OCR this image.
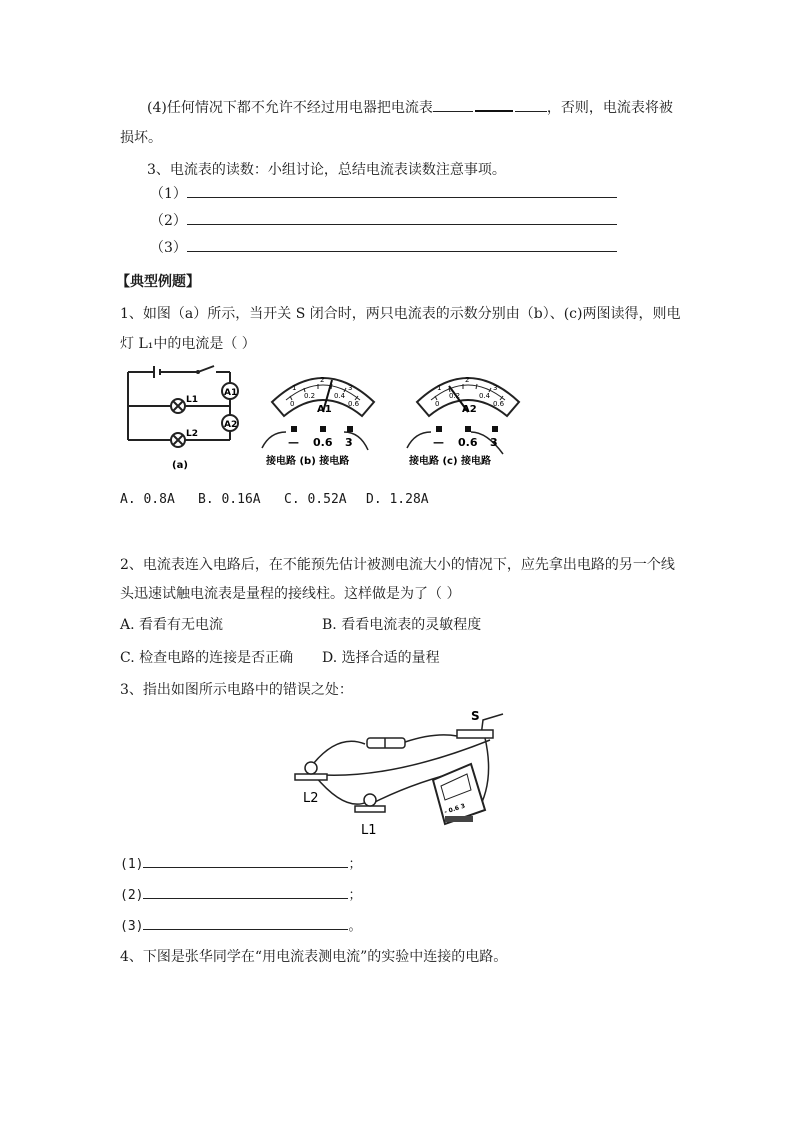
(4)任何情况下都不允许不经过用电器把电流表	，否则，电流表将被
损坏。
3、电流表的读数：小组讨论，总结电流表读数注意事项。
（1）
（2）
（3）
【典型例题】
1、如图（a）所示，当开关 S 闭合时，两只电流表的示数分别由（b）、(c)两图读得，则电
灯 L₁中的电流是（ ）
A1
A2
L1
L2
(a)
1
2
3
0
0.2	0.4
0.6
A1
— 0.6 3
接电路 (b) 接电路
1
2
3
0
0.2	0.4
0.6
A2
— 0.6 3
接电路 (c) 接电路
A. 0.8A B. 0.16A C. 0.52A D. 1.28A
2、电流表连入电路后，在不能预先估计被测电流大小的情况下，应先拿出电路的另一个线
头迅速试触电流表是量程的接线柱。这样做是为了（ ）
A. 看看有无电流	B. 看看电流表的灵敏程度
C. 检查电路的连接是否正确 D. 选择合适的量程
3、指出如图所示电路中的错误之处：
S
L2
L1
- 0.6 3
(1)	；
(2)	；
(3)	。
4、下图是张华同学在“用电流表测电流”的实验中连接的电路。
